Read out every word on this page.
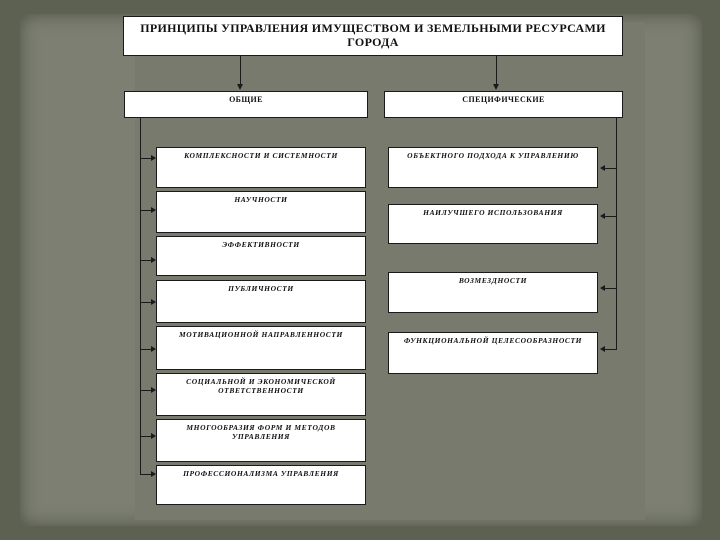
ПРИНЦИПЫ УПРАВЛЕНИЯ ИМУЩЕСТВОМ И ЗЕМЕЛЬНЫМИ РЕСУРСАМИ ГОРОДА
ОБЩИЕ	СПЕЦИФИЧЕСКИЕ
КОМПЛЕКСНОСТИ И СИСТЕМНОСТИ
НАУЧНОСТИ
ЭФФЕКТИВНОСТИ
ПУБЛИЧНОСТИ
МОТИВАЦИОННОЙ НАПРАВЛЕННОСТИ
СОЦИАЛЬНОЙ И ЭКОНОМИЧЕСКОЙ ОТВЕТСТВЕННОСТИ
МНОГООБРАЗИЯ ФОРМ И МЕТОДОВ УПРАВЛЕНИЯ
ПРОФЕССИОНАЛИЗМА УПРАВЛЕНИЯ
ОБЪЕКТНОГО ПОДХОДА К УПРАВЛЕНИЮ
НАИЛУЧШЕГО ИСПОЛЬЗОВАНИЯ
ВОЗМЕЗДНОСТИ
ФУНКЦИОНАЛЬНОЙ ЦЕЛЕСООБРАЗНОСТИ
